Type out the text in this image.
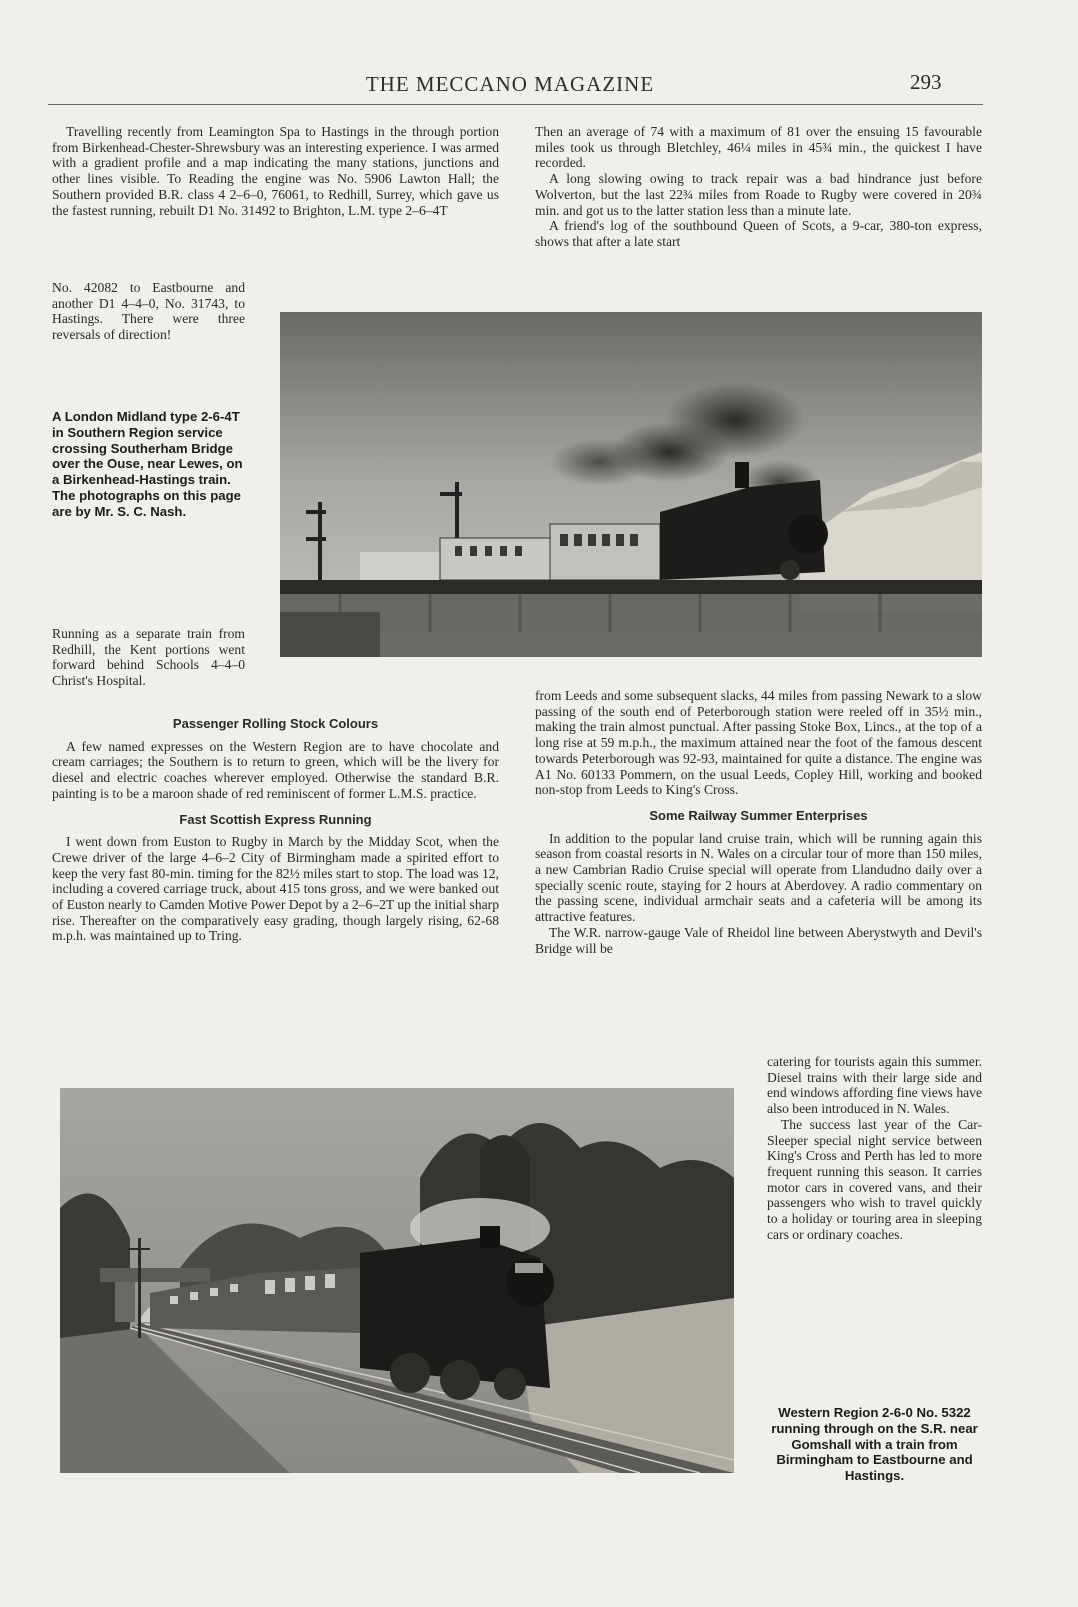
THE MECCANO MAGAZINE	293

Travelling recently from Leamington Spa to Hastings in the through portion from Birkenhead-Chester-Shrewsbury was an interesting experience. I was armed with a gradient profile and a map indicating the many stations, junctions and other lines visible. To Reading the engine was No. 5906 Lawton Hall; the Southern provided B.R. class 4 2–6–0, 76061, to Redhill, Surrey, which gave us the fastest running, rebuilt D1 No. 31492 to Brighton, L.M. type 2–6–4T

No. 42082 to Eastbourne and another D1 4–4–0, No. 31743, to Hastings. There were three reversals of direction!

A London Midland type 2-6-4T in Southern Region service crossing Southerham Bridge over the Ouse, near Lewes, on a Birkenhead-Hastings train. The photographs on this page are by Mr. S. C. Nash.

Running as a separate train from Redhill, the Kent portions went forward behind Schools 4–4–0 Christ's Hospital.

Passenger Rolling Stock Colours

A few named expresses on the Western Region are to have chocolate and cream carriages; the Southern is to return to green, which will be the livery for diesel and electric coaches wherever employed. Otherwise the standard B.R. painting is to be a maroon shade of red reminiscent of former L.M.S. practice.

Fast Scottish Express Running

I went down from Euston to Rugby in March by the Midday Scot, when the Crewe driver of the large 4–6–2 City of Birmingham made a spirited effort to keep the very fast 80-min. timing for the 82½ miles start to stop. The load was 12, including a covered carriage truck, about 415 tons gross, and we were banked out of Euston nearly to Camden Motive Power Depot by a 2–6–2T up the initial sharp rise. Thereafter on the comparatively easy grading, though largely rising, 62-68 m.p.h. was maintained up to Tring.

Then an average of 74 with a maximum of 81 over the ensuing 15 favourable miles took us through Bletchley, 46¼ miles in 45¾ min., the quickest I have recorded.

A long slowing owing to track repair was a bad hindrance just before Wolverton, but the last 22¾ miles from Roade to Rugby were covered in 20¾ min. and got us to the latter station less than a minute late.

A friend's log of the southbound Queen of Scots, a 9-car, 380-ton express, shows that after a late start

from Leeds and some subsequent slacks, 44 miles from passing Newark to a slow passing of the south end of Peterborough station were reeled off in 35½ min., making the train almost punctual. After passing Stoke Box, Lincs., at the top of a long rise at 59 m.p.h., the maximum attained near the foot of the famous descent towards Peterborough was 92-93, maintained for quite a distance. The engine was A1 No. 60133 Pommern, on the usual Leeds, Copley Hill, working and booked non-stop from Leeds to King's Cross.

Some Railway Summer Enterprises

In addition to the popular land cruise train, which will be running again this season from coastal resorts in N. Wales on a circular tour of more than 150 miles, a new Cambrian Radio Cruise special will operate from Llandudno daily over a specially scenic route, staying for 2 hours at Aberdovey. A radio commentary on the passing scene, individual armchair seats and a cafeteria will be among its attractive features.

The W.R. narrow-gauge Vale of Rheidol line between Aberystwyth and Devil's Bridge will be

catering for tourists again this summer. Diesel trains with their large side and end windows affording fine views have also been introduced in N. Wales.

The success last year of the Car-Sleeper special night service between King's Cross and Perth has led to more frequent running this season. It carries motor cars in covered vans, and their passengers who wish to travel quickly to a holiday or touring area in sleeping cars or ordinary coaches.

Western Region 2-6-0 No. 5322 running through on the S.R. near Gomshall with a train from Birmingham to Eastbourne and Hastings.
